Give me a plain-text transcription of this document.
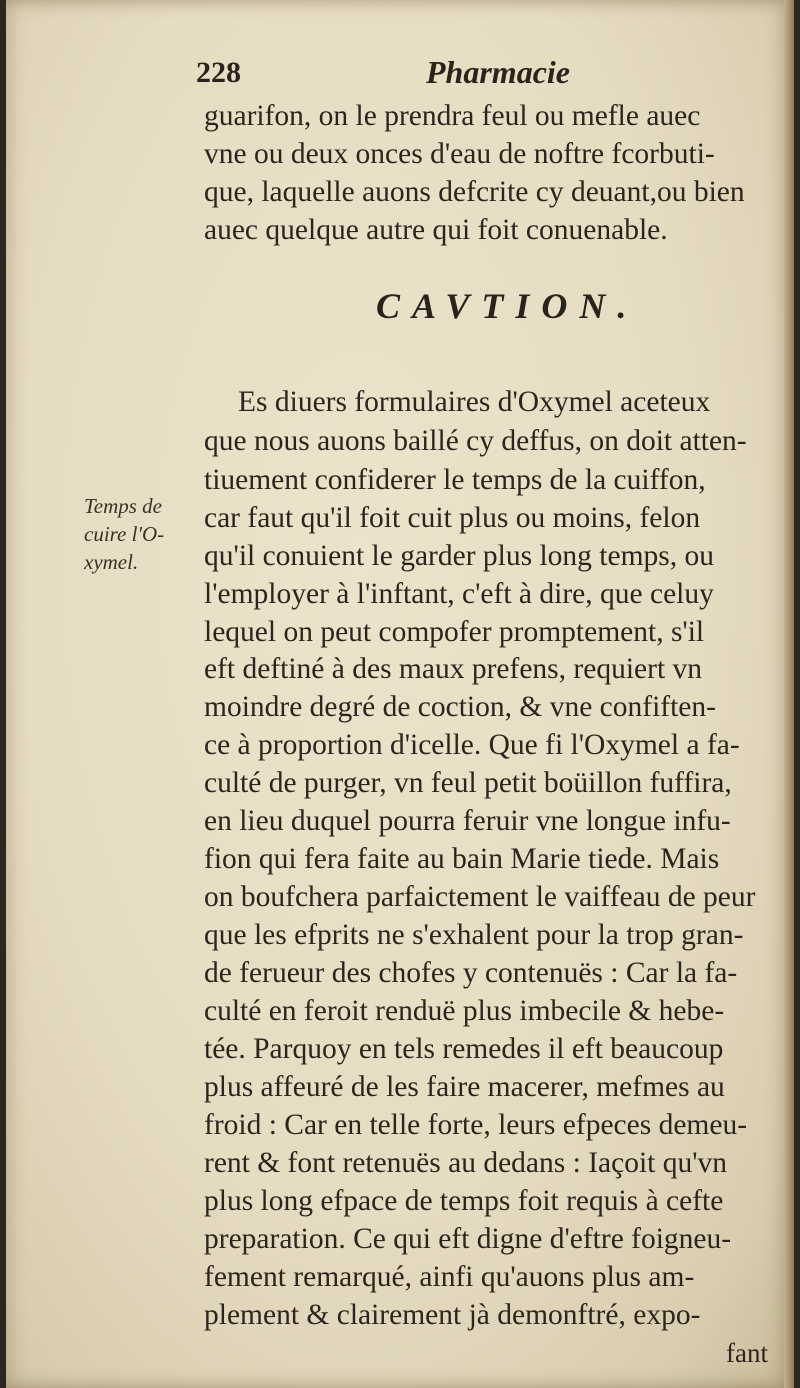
228	Pharmacie

guarifon, on le prendra feul ou mefle auec

vne ou deux onces d'eau de noftre fcorbuti-

que, laquelle auons defcrite cy deuant,ou bien

auec quelque autre qui foit conuenable.

CAVTION.

Es diuers formulaires d'Oxymel aceteux

que nous auons baillé cy deffus, on doit atten-

tiuement confiderer le temps de la cuiffon,

car faut qu'il foit cuit plus ou moins, felon

qu'il conuient le garder plus long temps, ou

l'employer à l'inftant, c'eft à dire, que celuy

lequel on peut compofer promptement, s'il

eft deftiné à des maux prefens, requiert vn

moindre degré de coction, & vne confiften-

ce à proportion d'icelle. Que fi l'Oxymel a fa-

culté de purger, vn feul petit boüillon fuffira,

en lieu duquel pourra feruir vne longue infu-

fion qui fera faite au bain Marie tiede. Mais

on boufchera parfaictement le vaiffeau de peur

que les efprits ne s'exhalent pour la trop gran-

de ferueur des chofes y contenuës : Car la fa-

culté en feroit renduë plus imbecile & hebe-

tée. Parquoy en tels remedes il eft beaucoup

plus affeuré de les faire macerer, mefmes au

froid : Car en telle forte, leurs efpeces demeu-

rent & font retenuës au dedans : Iaçoit qu'vn

plus long efpace de temps foit requis à cefte

preparation. Ce qui eft digne d'eftre foigneu-

fement remarqué, ainfi qu'auons plus am-

plement & clairement jà demonftré, expo-

Temps de
cuire l'O-
xymel.

fant
